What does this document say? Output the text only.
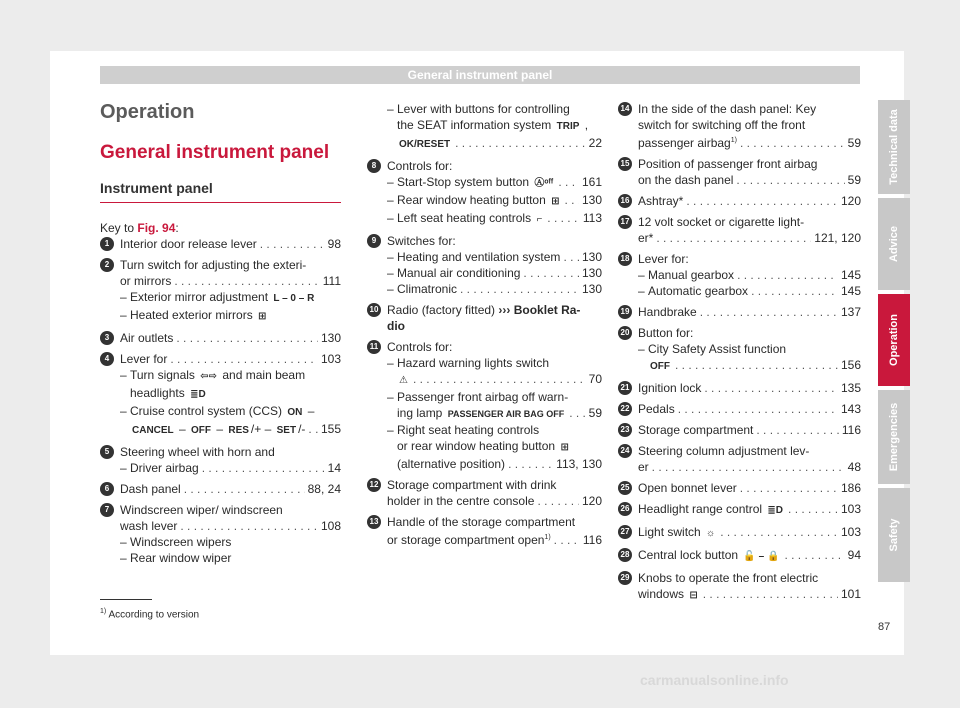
General instrument panel
Operation
General instrument panel
Instrument panel
Key to Fig. 94:
1 Interior door release lever . . .	98
2 Turn switch for adjusting the exteri-
or mirrors . . .	111
– Exterior mirror adjustment L – 0 – R
– Heated exterior mirrors ⊞
3 Air outlets . . .	130
4 Lever for . . .	103
– Turn signals ⇦⇨ and main beam
headlights ≣D
– Cruise control system (CCS) ON –
CANCEL – OFF – RES /+ – SET /- . . . 155
5 Steering wheel with horn and
– Driver airbag . . .	14
6 Dash panel . . .	88, 24
7 Windscreen wiper/ windscreen
wash lever . . .	108
– Windscreen wipers
– Rear window wiper
– Lever with buttons for controlling
the SEAT information system TRIP ,
OK/RESET . . .	22
8 Controls for:
– Start-Stop system button Ⓐᵒᶠᶠ . . . 161
– Rear window heating button ⊞ . . . 130
– Left seat heating controls ⌐ . . .	113
9 Switches for:
– Heating and ventilation system . . . 130
– Manual air conditioning . . .	130
– Climatronic . . .	130
10 Radio (factory fitted) ››› Booklet Ra-
dio
11 Controls for:
– Hazard warning lights switch
⚠ . . .	70
– Passenger front airbag off warn-
ing lamp PASSENGER AIR BAG OFF . . . 59
– Right seat heating controls
or rear window heating button ⊞
(alternative position) . . .	113, 130
12 Storage compartment with drink
holder in the centre console . . .	120
13 Handle of the storage compartment
or storage compartment open$^{1)}$ . . .	116
14 In the side of the dash panel: Key
switch for switching off the front
passenger airbag$^{1)}$ . . .	59
15 Position of passenger front airbag
on the dash panel . . .	59
16 Ashtray* . . .	120
17 12 volt socket or cigarette light-
er* . . .	121, 120
18 Lever for:
– Manual gearbox . . .	145
– Automatic gearbox . . .	145
19 Handbrake . . .	137
20 Button for:
– City Safety Assist function
OFF . . .	156
21 Ignition lock . . .	135
22 Pedals . . .	143
23 Storage compartment . . .	116
24 Steering column adjustment lev-
er . . .	48
25 Open bonnet lever . . .	186
26 Headlight range control ≣D . . .	103
27 Light switch ☼ . . .	103
28 Central lock button 🔓 – 🔒 . . .	94
29 Knobs to operate the front electric
windows ⊟ . . .	101
Technical data
Advice
Operation
Emergencies
Safety
$^{1)}$ According to version
87
carmanualsonline.info
